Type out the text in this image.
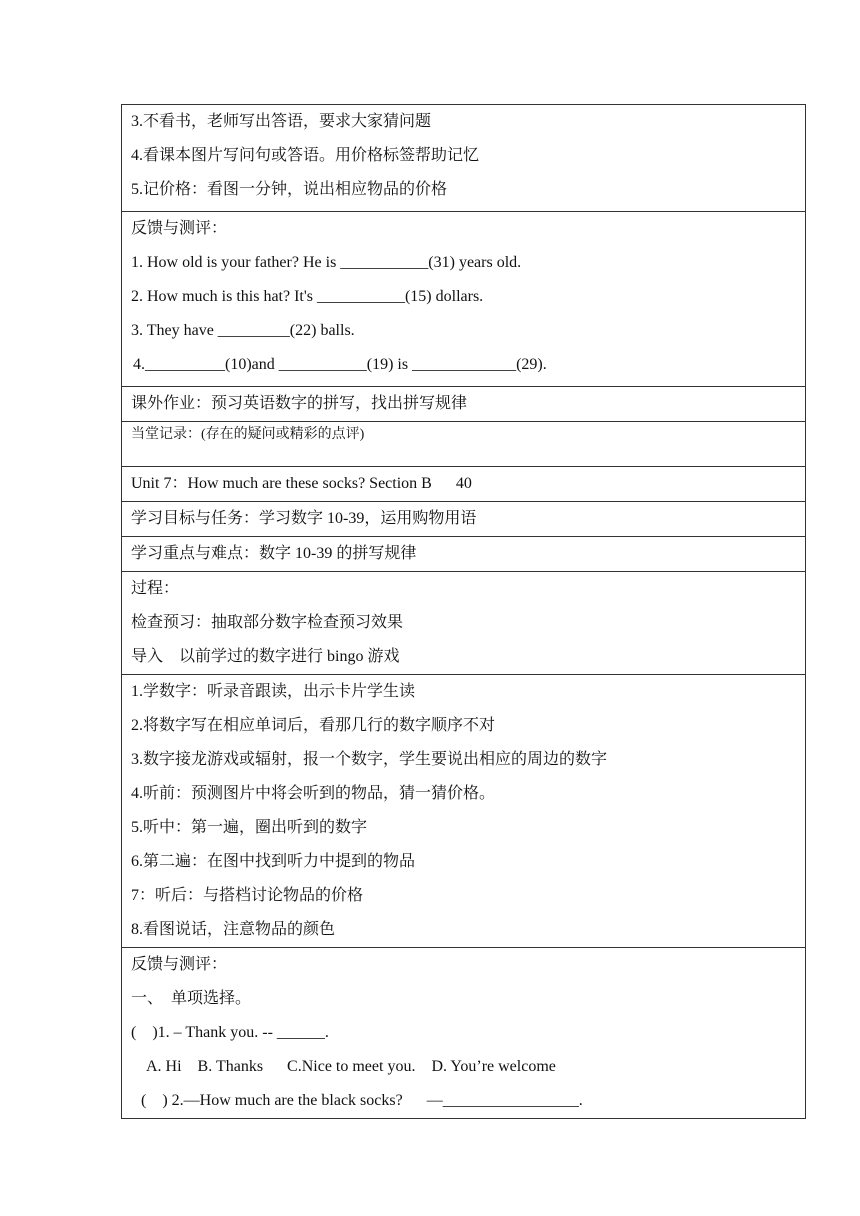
3.不看书，老师写出答语，要求大家猜问题
4.看课本图片写问句或答语。用价格标签帮助记忆
5.记价格：看图一分钟，说出相应物品的价格

反馈与测评：
1. How old is your father? He is ___________(31) years old.
2. How much is this hat? It's ___________(15) dollars.
3. They have _________(22) balls.
4.__________(10)and ___________(19) is _____________(29).

课外作业：预习英语数字的拼写，找出拼写规律

当堂记录：(存在的疑问或精彩的点评)

Unit 7：How much are these socks? Section B      40

学习目标与任务：学习数字 10-39，运用购物用语

学习重点与难点：数字 10-39 的拼写规律

过程：
检查预习：抽取部分数字检查预习效果
导入    以前学过的数字进行 bingo 游戏

1.学数字：听录音跟读，出示卡片学生读
2.将数字写在相应单词后，看那几行的数字顺序不对
3.数字接龙游戏或辐射，报一个数字，学生要说出相应的周边的数字
4.听前：预测图片中将会听到的物品，猜一猜价格。
5.听中：第一遍，圈出听到的数字
6.第二遍：在图中找到听力中提到的物品
7：听后：与搭档讨论物品的价格
8.看图说话，注意物品的颜色

反馈与测评：
一、  单项选择。
(    )1. – Thank you. -- ______.
A. Hi    B. Thanks      C.Nice to meet you.    D. You’re welcome
(    ) 2.—How much are the black socks?      —_________________.
